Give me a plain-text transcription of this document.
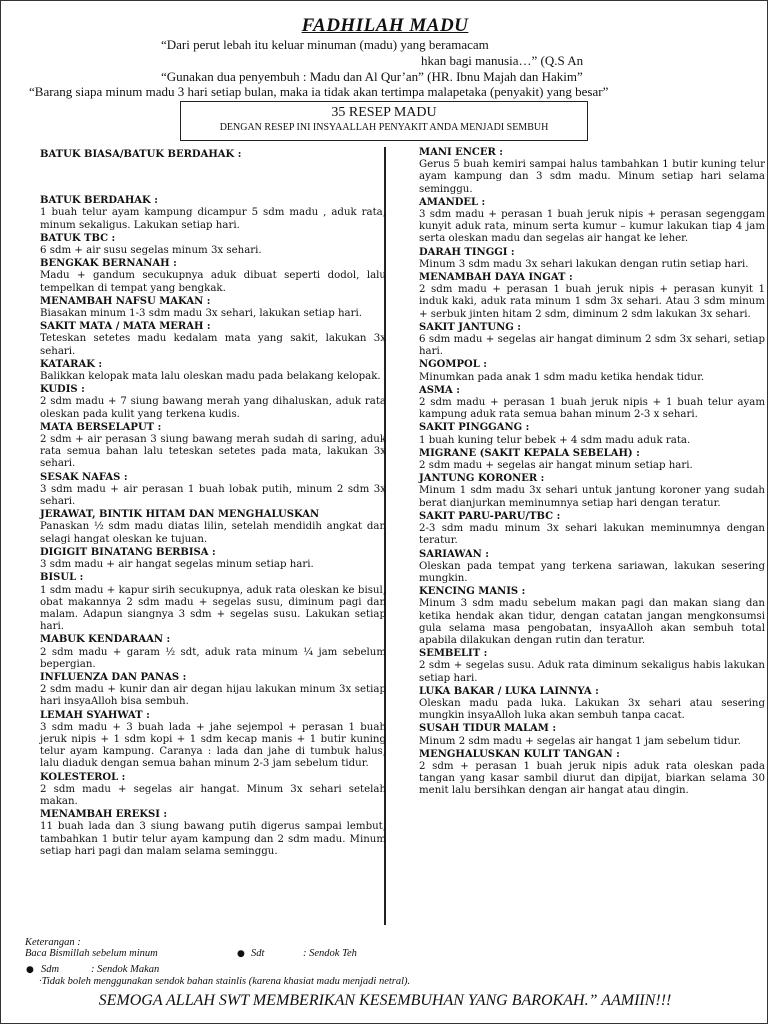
FADHILAH MADU
“Dari perut lebah itu keluar minuman (madu) yang beramacam
hkan bagi manusia…” (Q.S An
“Gunakan dua penyembuh : Madu dan Al Qur’an” (HR. Ibnu Majah dan Hakim”
“Barang siapa minum madu 3 hari setiap bulan, maka ia tidak akan tertimpa malapetaka (penyakit) yang besar”
35 RESEP MADU
DENGAN RESEP INI INSYAALLAH PENYAKIT ANDA MENJADI SEMBUH
BATUK BIASA/BATUK BERDAHAK :
BATUK BERDAHAK :
1 buah telur ayam kampung dicampur 5 sdm madu , aduk rata, minum sekaligus. Lakukan setiap hari.
BATUK TBC :
6 sdm + air susu segelas minum 3x sehari.
BENGKAK BERNANAH :
Madu + gandum secukupnya aduk dibuat seperti dodol, lalu tempelkan di tempat yang bengkak.
MENAMBAH NAFSU MAKAN :
Biasakan minum 1-3 sdm madu 3x sehari, lakukan setiap hari.
SAKIT MATA / MATA MERAH :
Teteskan setetes madu kedalam mata yang sakit, lakukan 3x sehari.
KATARAK :
Balikkan kelopak mata lalu oleskan madu pada belakang kelopak.
KUDIS :
2 sdm madu + 7 siung bawang merah yang dihaluskan, aduk rata oleskan pada kulit yang terkena kudis.
MATA BERSELAPUT :
2 sdm + air perasan 3 siung bawang merah sudah di saring, aduk rata semua bahan lalu teteskan setetes pada mata, lakukan 3x sehari.
SESAK NAFAS :
3 sdm madu + air perasan 1 buah lobak putih, minum 2 sdm 3x sehari.
JERAWAT, BINTIK HITAM DAN MENGHALUSKAN
Panaskan ½ sdm madu diatas lilin, setelah mendidih angkat dan selagi hangat oleskan ke tujuan.
DIGIGIT BINATANG BERBISA :
3 sdm madu + air hangat segelas minum setiap hari.
BISUL :
1 sdm madu + kapur sirih secukupnya, aduk rata oleskan ke bisul, obat makannya 2 sdm madu + segelas susu, diminum pagi dan malam. Adapun siangnya 3 sdm + segelas susu. Lakukan setiap hari.
MABUK KENDARAAN :
2 sdm madu + garam ½ sdt, aduk rata minum ¼ jam sebelum bepergian.
INFLUENZA DAN PANAS :
2 sdm madu + kunir dan air degan hijau lakukan minum 3x setiap hari insyaAlloh bisa sembuh.
LEMAH SYAHWAT :
3 sdm madu + 3 buah lada + jahe sejempol + perasan 1 buah jeruk nipis + 1 sdm kopi + 1 sdm kecap manis + 1 butir kuning telur ayam kampung. Caranya : lada dan jahe di tumbuk halus, lalu diaduk dengan semua bahan minum 2-3 jam sebelum tidur.
KOLESTEROL :
2 sdm madu + segelas air hangat. Minum 3x sehari setelah makan.
MENAMBAH EREKSI :
11 buah lada dan 3 siung bawang putih digerus sampai lembut, tambahkan 1 butir telur ayam kampung dan 2 sdm madu. Minum setiap hari pagi dan malam selama seminggu.
MANI ENCER :
Gerus 5 buah kemiri sampai halus tambahkan 1 butir kuning telur ayam kampung dan 3 sdm madu. Minum setiap hari selama seminggu.
AMANDEL :
3 sdm madu + perasan 1 buah jeruk nipis + perasan segenggam kunyit aduk rata, minum serta kumur – kumur lakukan tiap 4 jam serta oleskan madu dan segelas air hangat ke leher.
DARAH TINGGI :
Minum 3 sdm madu 3x sehari lakukan dengan rutin setiap hari.
MENAMBAH DAYA INGAT :
2 sdm madu + perasan 1 buah jeruk nipis + perasan kunyit 1 induk kaki, aduk rata minum 1 sdm 3x sehari. Atau 3 sdm minum + serbuk jinten hitam 2 sdm, diminum 2 sdm lakukan 3x sehari.
SAKIT JANTUNG :
6 sdm madu + segelas air hangat diminum 2 sdm 3x sehari, setiap hari.
NGOMPOL :
Minumkan pada anak 1 sdm madu ketika hendak tidur.
ASMA :
2 sdm madu + perasan 1 buah jeruk nipis + 1 buah telur ayam kampung aduk rata semua bahan minum 2-3 x sehari.
SAKIT PINGGANG :
1 buah kuning telur bebek + 4 sdm madu aduk rata.
MIGRANE (SAKIT KEPALA SEBELAH) :
2 sdm madu + segelas air hangat minum setiap hari.
JANTUNG KORONER :
Minum 1 sdm madu 3x sehari untuk jantung koroner yang sudah berat dianjurkan meminumnya setiap hari dengan teratur.
SAKIT PARU-PARU/TBC :
2-3 sdm madu minum 3x sehari lakukan meminumnya dengan teratur.
SARIAWAN :
Oleskan pada tempat yang terkena sariawan, lakukan sesering mungkin.
KENCING MANIS :
Minum 3 sdm madu sebelum makan pagi dan makan siang dan ketika hendak akan tidur, dengan catatan jangan mengkonsumsi gula selama masa pengobatan, insyaAlloh akan sembuh total apabila dilakukan dengan rutin dan teratur.
SEMBELIT :
2 sdm + segelas susu. Aduk rata diminum sekaligus habis lakukan setiap hari.
LUKA BAKAR / LUKA LAINNYA :
Oleskan madu pada luka. Lakukan 3x sehari atau sesering mungkin insyaAlloh luka akan sembuh tanpa cacat.
SUSAH TIDUR MALAM :
Minum 2 sdm madu + segelas air hangat 1 jam sebelum tidur.
MENGHALUSKAN KULIT TANGAN :
2 sdm + perasan 1 buah jeruk nipis aduk rata oleskan pada tangan yang kasar sambil diurut dan dipijat, biarkan selama 30 menit lalu bersihkan dengan air hangat atau dingin.
Keterangan :
Baca Bismillah sebelum minum	● Sdt	: Sendok Teh
● Sdm	: Sendok Makan
·Tidak boleh menggunakan sendok bahan stainlis (karena khasiat madu menjadi netral).
SEMOGA ALLAH SWT MEMBERIKAN KESEMBUHAN YANG BAROKAH.” AAMIIN!!!
